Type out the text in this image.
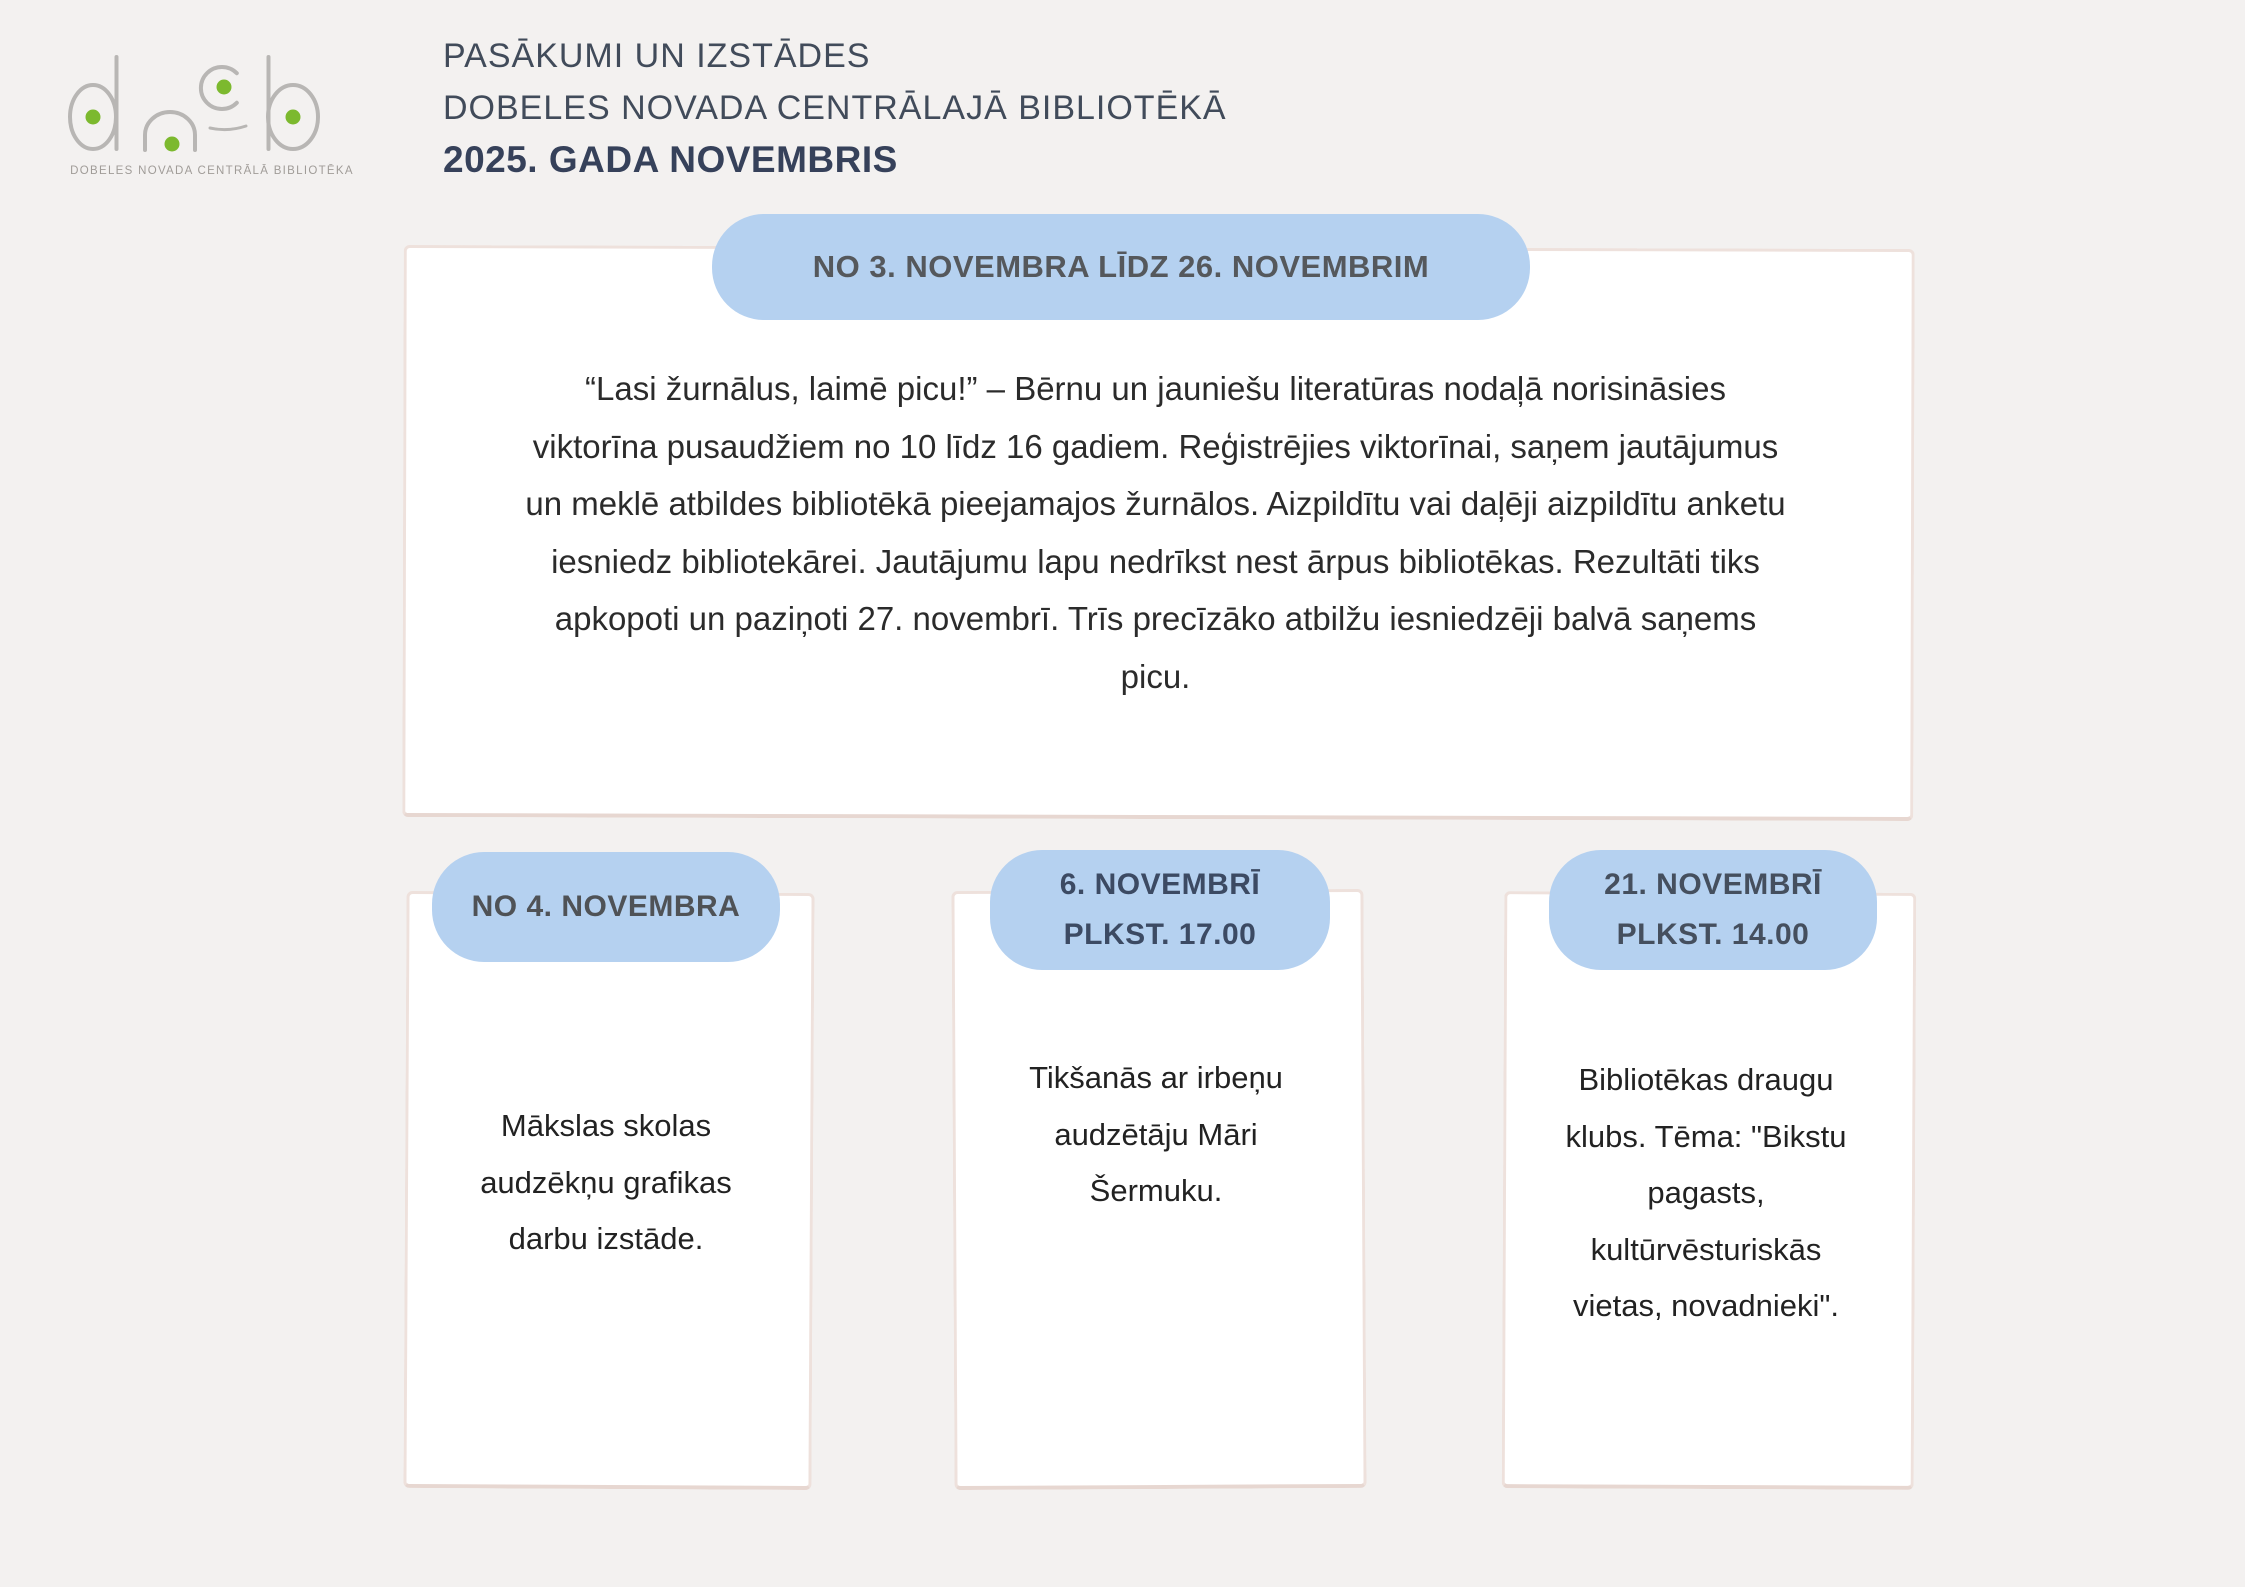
DOBELES NOVADA CENTRĀLĀ BIBLIOTĒKA
PASĀKUMI UN IZSTĀDES
DOBELES NOVADA CENTRĀLAJĀ BIBLIOTĒKĀ
2025. GADA NOVEMBRIS
NO 3. NOVEMBRA LĪDZ 26. NOVEMBRIM
“Lasi žurnālus, laimē picu!” – Bērnu un jauniešu literatūras nodaļā norisināsies viktorīna pusaudžiem no 10 līdz 16 gadiem. Reģistrējies viktorīnai, saņem jautājumus un meklē atbildes bibliotēkā pieejamajos žurnālos. Aizpildītu vai daļēji aizpildītu anketu iesniedz bibliotekārei. Jautājumu lapu nedrīkst nest ārpus bibliotēkas. Rezultāti tiks apkopoti un paziņoti 27. novembrī. Trīs precīzāko atbilžu iesniedzēji balvā saņems picu.
NO 4. NOVEMBRA
Mākslas skolas audzēkņu grafikas darbu izstāde.
6. NOVEMBRĪ
PLKST. 17.00
Tikšanās ar irbeņu audzētāju Māri Šermuku.
21. NOVEMBRĪ
PLKST. 14.00
Bibliotēkas draugu klubs. Tēma: "Bikstu pagasts, kultūrvēsturiskās vietas, novadnieki".
